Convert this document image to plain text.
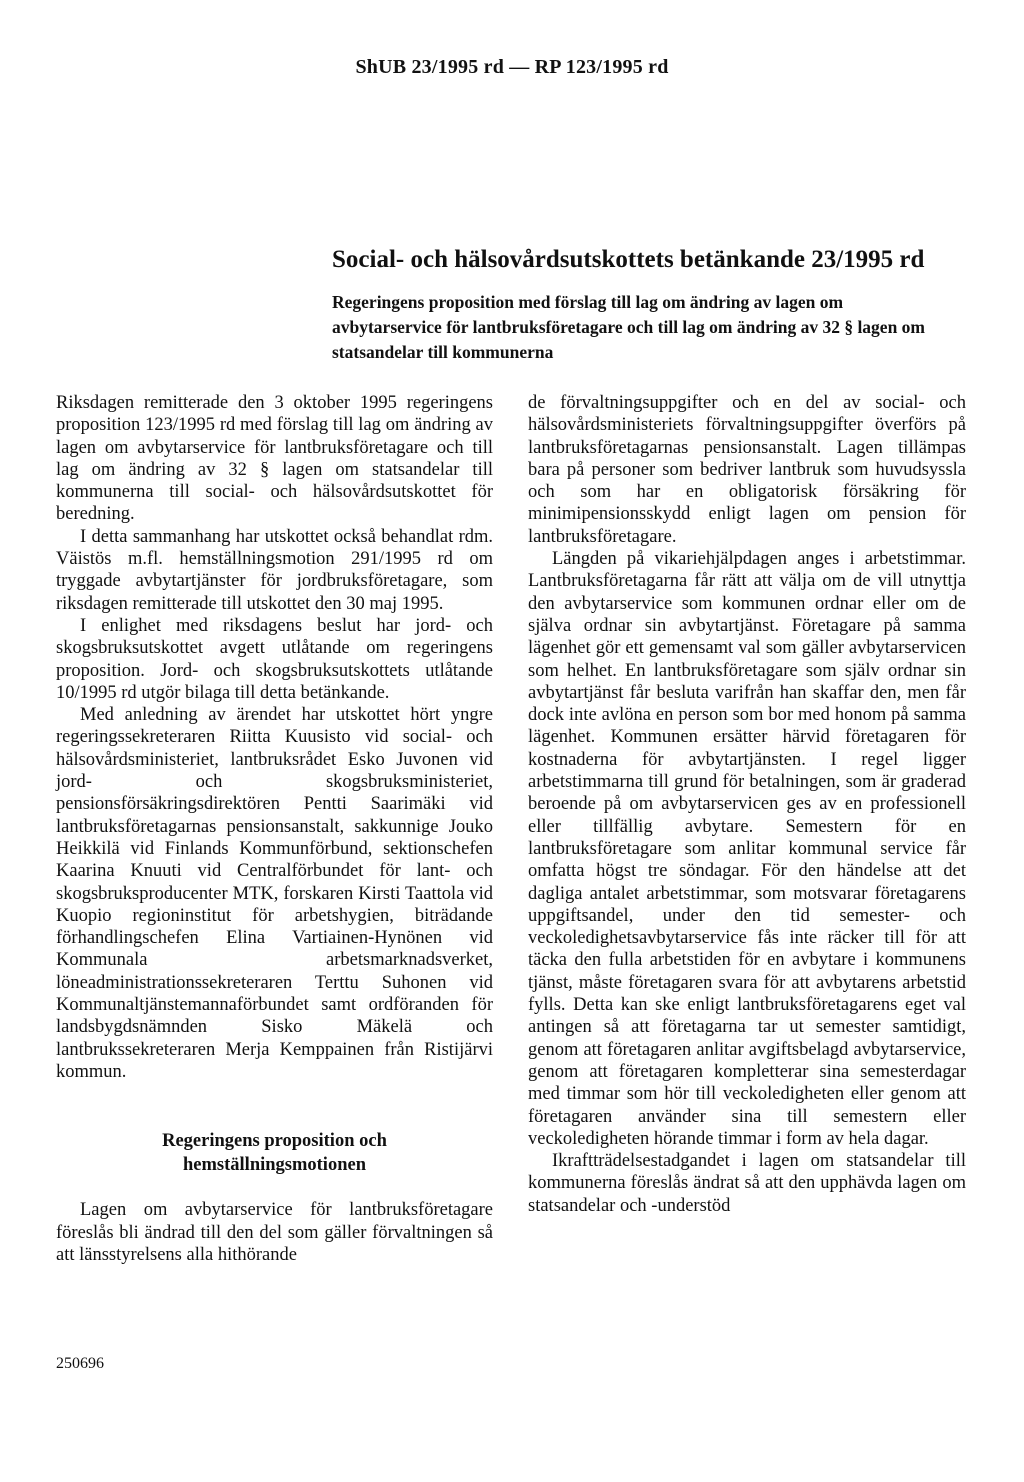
ShUB 23/1995 rd — RP 123/1995 rd
Social- och hälsovårdsutskottets betänkande 23/1995 rd

Regeringens proposition med förslag till lag om ändring av lagen om avbytarservice för lantbruksföretagare och till lag om ändring av 32 § lagen om statsandelar till kommunerna

Riksdagen remitterade den 3 oktober 1995 regeringens proposition 123/1995 rd med förslag till lag om ändring av lagen om avbytarservice för lantbruksföretagare och till lag om ändring av 32 § lagen om statsandelar till kommunerna till social- och hälsovårdsutskottet för beredning.

I detta sammanhang har utskottet också behandlat rdm. Väistös m.fl. hemställningsmotion 291/1995 rd om tryggade avbytartjänster för jordbruksföretagare, som riksdagen remitterade till utskottet den 30 maj 1995.

I enlighet med riksdagens beslut har jord- och skogsbruksutskottet avgett utlåtande om regeringens proposition. Jord- och skogsbruksutskottets utlåtande 10/1995 rd utgör bilaga till detta betänkande.

Med anledning av ärendet har utskottet hört yngre regeringssekreteraren Riitta Kuusisto vid social- och hälsovårdsministeriet, lantbruksrådet Esko Juvonen vid jord- och skogsbruksministeriet, pensionsförsäkringsdirektören Pentti Saarimäki vid lantbruksföretagarnas pensionsanstalt, sakkunnige Jouko Heikkilä vid Finlands Kommunförbund, sektionschefen Kaarina Knuuti vid Centralförbundet för lant- och skogsbruksproducenter MTK, forskaren Kirsti Taattola vid Kuopio regioninstitut för arbetshygien, biträdande förhandlingschefen Elina Vartiainen-Hynönen vid Kommunala arbetsmarknadsverket, löneadministrationssekreteraren Terttu Suhonen vid Kommunaltjänstemannaförbundet samt ordföranden för landsbygdsnämnden Sisko Mäkelä och lantbrukssekreteraren Merja Kemppainen från Ristijärvi kommun.

Regeringens proposition och hemställningsmotionen

Lagen om avbytarservice för lantbruksföretagare föreslås bli ändrad till den del som gäller förvaltningen så att länsstyrelsens alla hithörande

de förvaltningsuppgifter och en del av social- och hälsovårdsministeriets förvaltningsuppgifter överförs på lantbruksföretagarnas pensionsanstalt. Lagen tillämpas bara på personer som bedriver lantbruk som huvudsyssla och som har en obligatorisk försäkring för minimipensionsskydd enligt lagen om pension för lantbruksföretagare.

Längden på vikariehjälpdagen anges i arbetstimmar. Lantbruksföretagarna får rätt att välja om de vill utnyttja den avbytarservice som kommunen ordnar eller om de själva ordnar sin avbytartjänst. Företagare på samma lägenhet gör ett gemensamt val som gäller avbytarservicen som helhet. En lantbruksföretagare som själv ordnar sin avbytartjänst får besluta varifrån han skaffar den, men får dock inte avlöna en person som bor med honom på samma lägenhet. Kommunen ersätter härvid företagaren för kostnaderna för avbytartjänsten. I regel ligger arbetstimmarna till grund för betalningen, som är graderad beroende på om avbytarservicen ges av en professionell eller tillfällig avbytare. Semestern för en lantbruksföretagare som anlitar kommunal service får omfatta högst tre söndagar. För den händelse att det dagliga antalet arbetstimmar, som motsvarar företagarens uppgiftsandel, under den tid semester- och veckoledighetsavbytarservice fås inte räcker till för att täcka den fulla arbetstiden för en avbytare i kommunens tjänst, måste företagaren svara för att avbytarens arbetstid fylls. Detta kan ske enligt lantbruksföretagarens eget val antingen så att företagarna tar ut semester samtidigt, genom att företagaren anlitar avgiftsbelagd avbytarservice, genom att företagaren kompletterar sina semesterdagar med timmar som hör till veckoledigheten eller genom att företagaren använder sina till semestern eller veckoledigheten hörande timmar i form av hela dagar.

Ikraftträdelsestadgandet i lagen om statsandelar till kommunerna föreslås ändrat så att den upphävda lagen om statsandelar och -understöd

250696
